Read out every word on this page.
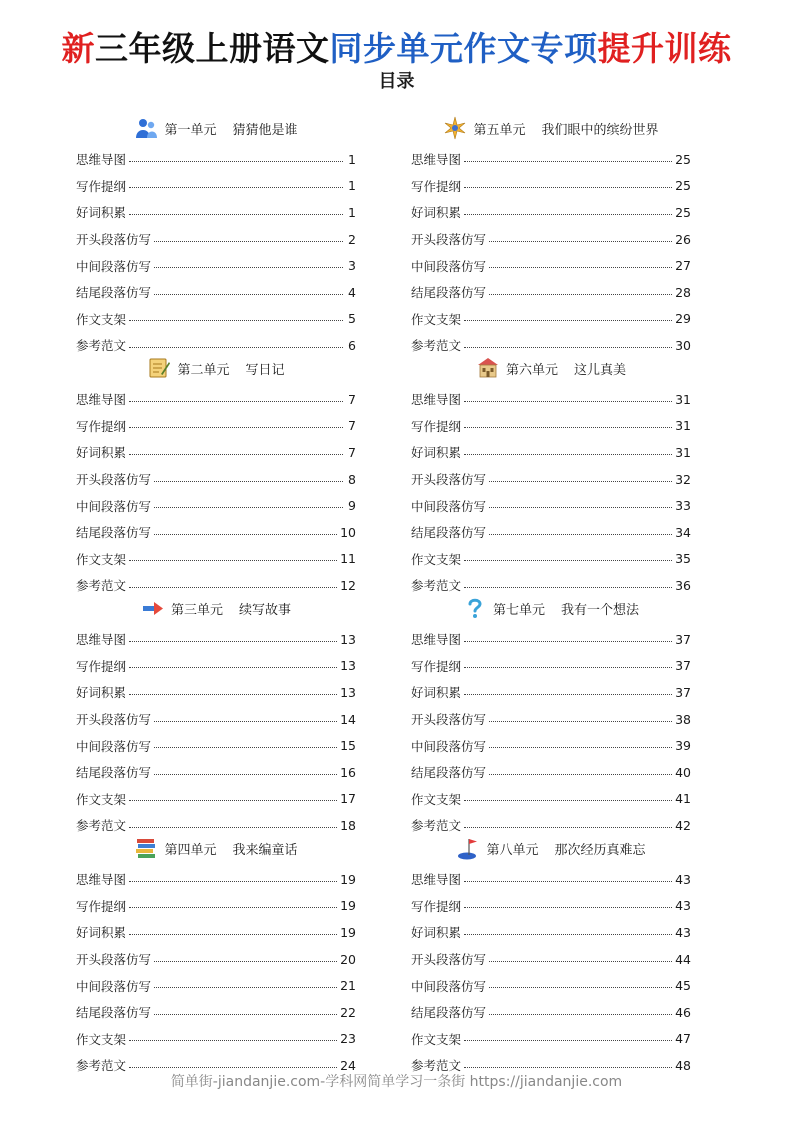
新三年级上册语文同步单元作文专项提升训练
目录
第一单元 猜猜他是谁
思维导图	1
写作提纲	1
好词积累	1
开头段落仿写	2
中间段落仿写	3
结尾段落仿写	4
作文支架	5
参考范文	6
第二单元 写日记
思维导图	7
写作提纲	7
好词积累	7
开头段落仿写	8
中间段落仿写	9
结尾段落仿写	10
作文支架	11
参考范文	12
第三单元 续写故事
思维导图	13
写作提纲	13
好词积累	13
开头段落仿写	14
中间段落仿写	15
结尾段落仿写	16
作文支架	17
参考范文	18
第四单元 我来编童话
思维导图	19
写作提纲	19
好词积累	19
开头段落仿写	20
中间段落仿写	21
结尾段落仿写	22
作文支架	23
参考范文	24
第五单元 我们眼中的缤纷世界
思维导图	25
写作提纲	25
好词积累	25
开头段落仿写	26
中间段落仿写	27
结尾段落仿写	28
作文支架	29
参考范文	30
第六单元 这儿真美
思维导图	31
写作提纲	31
好词积累	31
开头段落仿写	32
中间段落仿写	33
结尾段落仿写	34
作文支架	35
参考范文	36
第七单元 我有一个想法
思维导图	37
写作提纲	37
好词积累	37
开头段落仿写	38
中间段落仿写	39
结尾段落仿写	40
作文支架	41
参考范文	42
第八单元 那次经历真难忘
思维导图	43
写作提纲	43
好词积累	43
开头段落仿写	44
中间段落仿写	45
结尾段落仿写	46
作文支架	47
参考范文	48
简单街-jiandanjie.com-学科网简单学习一条街 https://jiandanjie.com
